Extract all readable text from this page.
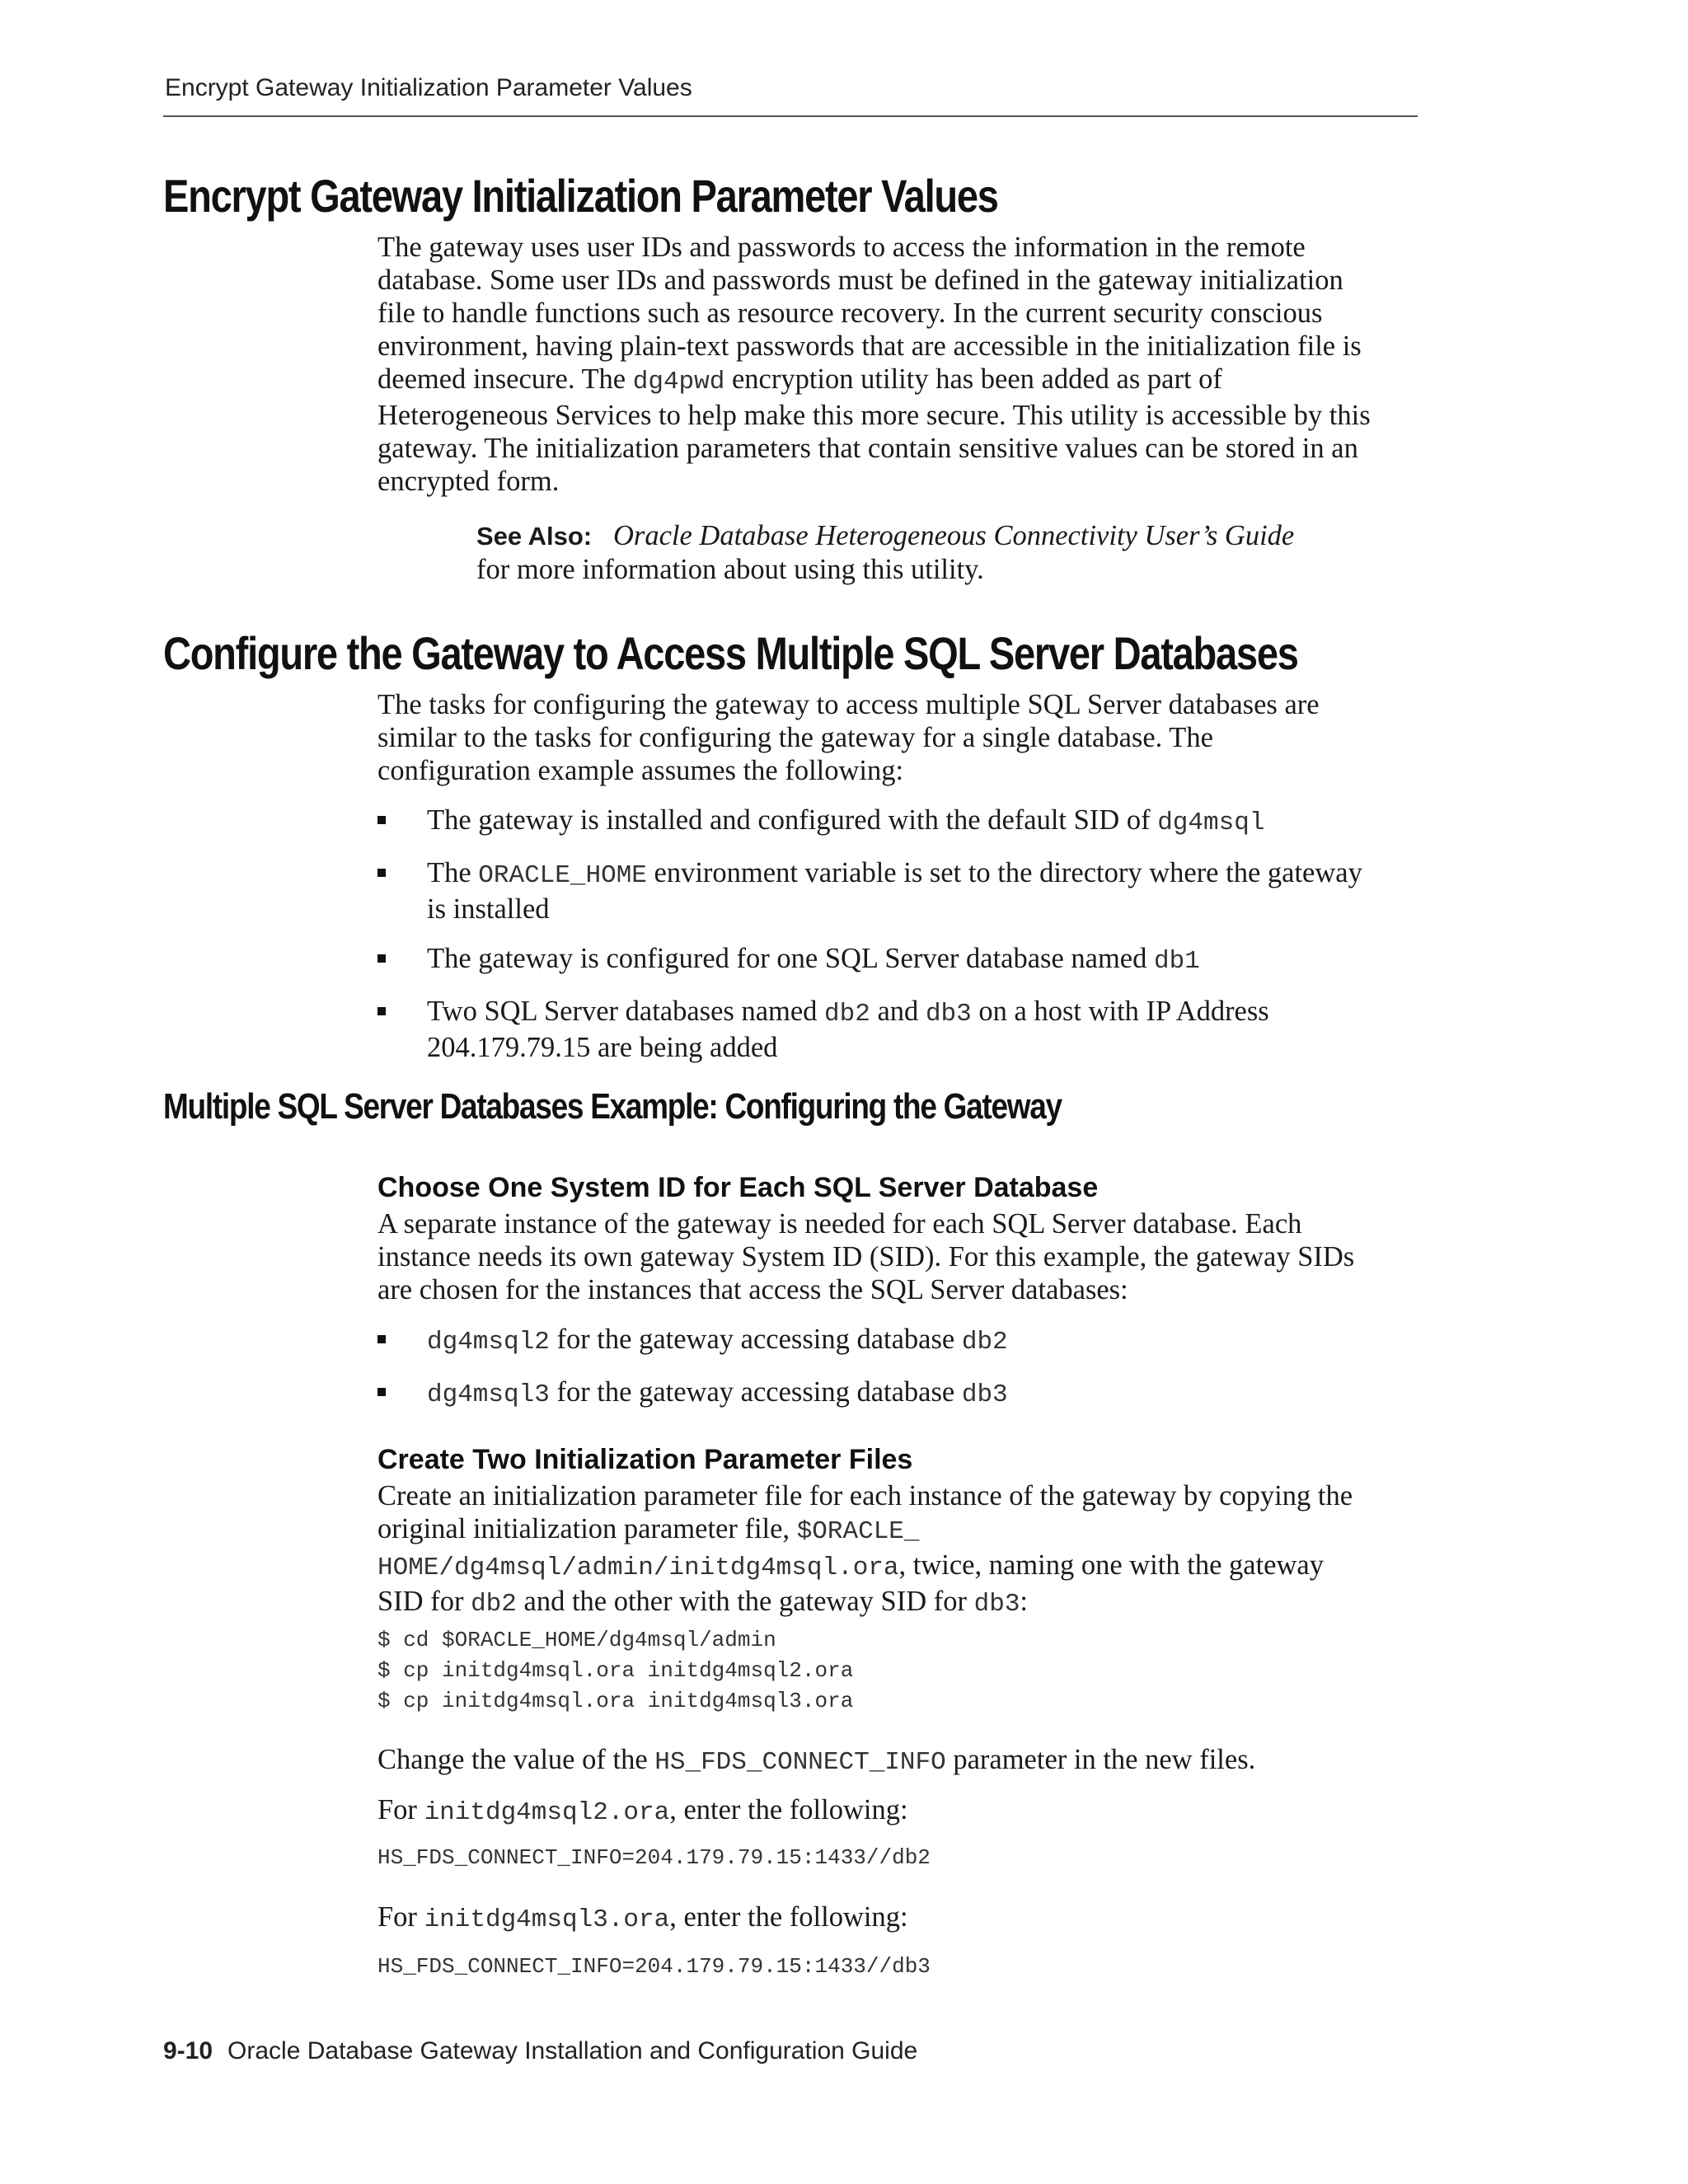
Encrypt Gateway Initialization Parameter Values
Encrypt Gateway Initialization Parameter Values
The gateway uses user IDs and passwords to access the information in the remote
database. Some user IDs and passwords must be defined in the gateway initialization
file to handle functions such as resource recovery. In the current security conscious
environment, having plain-text passwords that are accessible in the initialization file is
deemed insecure. The dg4pwd encryption utility has been added as part of
Heterogeneous Services to help make this more secure. This utility is accessible by this
gateway. The initialization parameters that contain sensitive values can be stored in an
encrypted form.
See Also: Oracle Database Heterogeneous Connectivity User’s Guide
for more information about using this utility.
Configure the Gateway to Access Multiple SQL Server Databases
The tasks for configuring the gateway to access multiple SQL Server databases are
similar to the tasks for configuring the gateway for a single database. The
configuration example assumes the following:
The gateway is installed and configured with the default SID of dg4msql
The ORACLE_HOME environment variable is set to the directory where the gateway
is installed
The gateway is configured for one SQL Server database named db1
Two SQL Server databases named db2 and db3 on a host with IP Address
204.179.79.15 are being added
Multiple SQL Server Databases Example: Configuring the Gateway
Choose One System ID for Each SQL Server Database
A separate instance of the gateway is needed for each SQL Server database. Each
instance needs its own gateway System ID (SID). For this example, the gateway SIDs
are chosen for the instances that access the SQL Server databases:
dg4msql2 for the gateway accessing database db2
dg4msql3 for the gateway accessing database db3
Create Two Initialization Parameter Files
Create an initialization parameter file for each instance of the gateway by copying the
original initialization parameter file, $ORACLE_
HOME/dg4msql/admin/initdg4msql.ora, twice, naming one with the gateway
SID for db2 and the other with the gateway SID for db3:
$ cd $ORACLE_HOME/dg4msql/admin
$ cp initdg4msql.ora initdg4msql2.ora
$ cp initdg4msql.ora initdg4msql3.ora
Change the value of the HS_FDS_CONNECT_INFO parameter in the new files.
For initdg4msql2.ora, enter the following:
HS_FDS_CONNECT_INFO=204.179.79.15:1433//db2
For initdg4msql3.ora, enter the following:
HS_FDS_CONNECT_INFO=204.179.79.15:1433//db3
9-10 Oracle Database Gateway Installation and Configuration Guide
